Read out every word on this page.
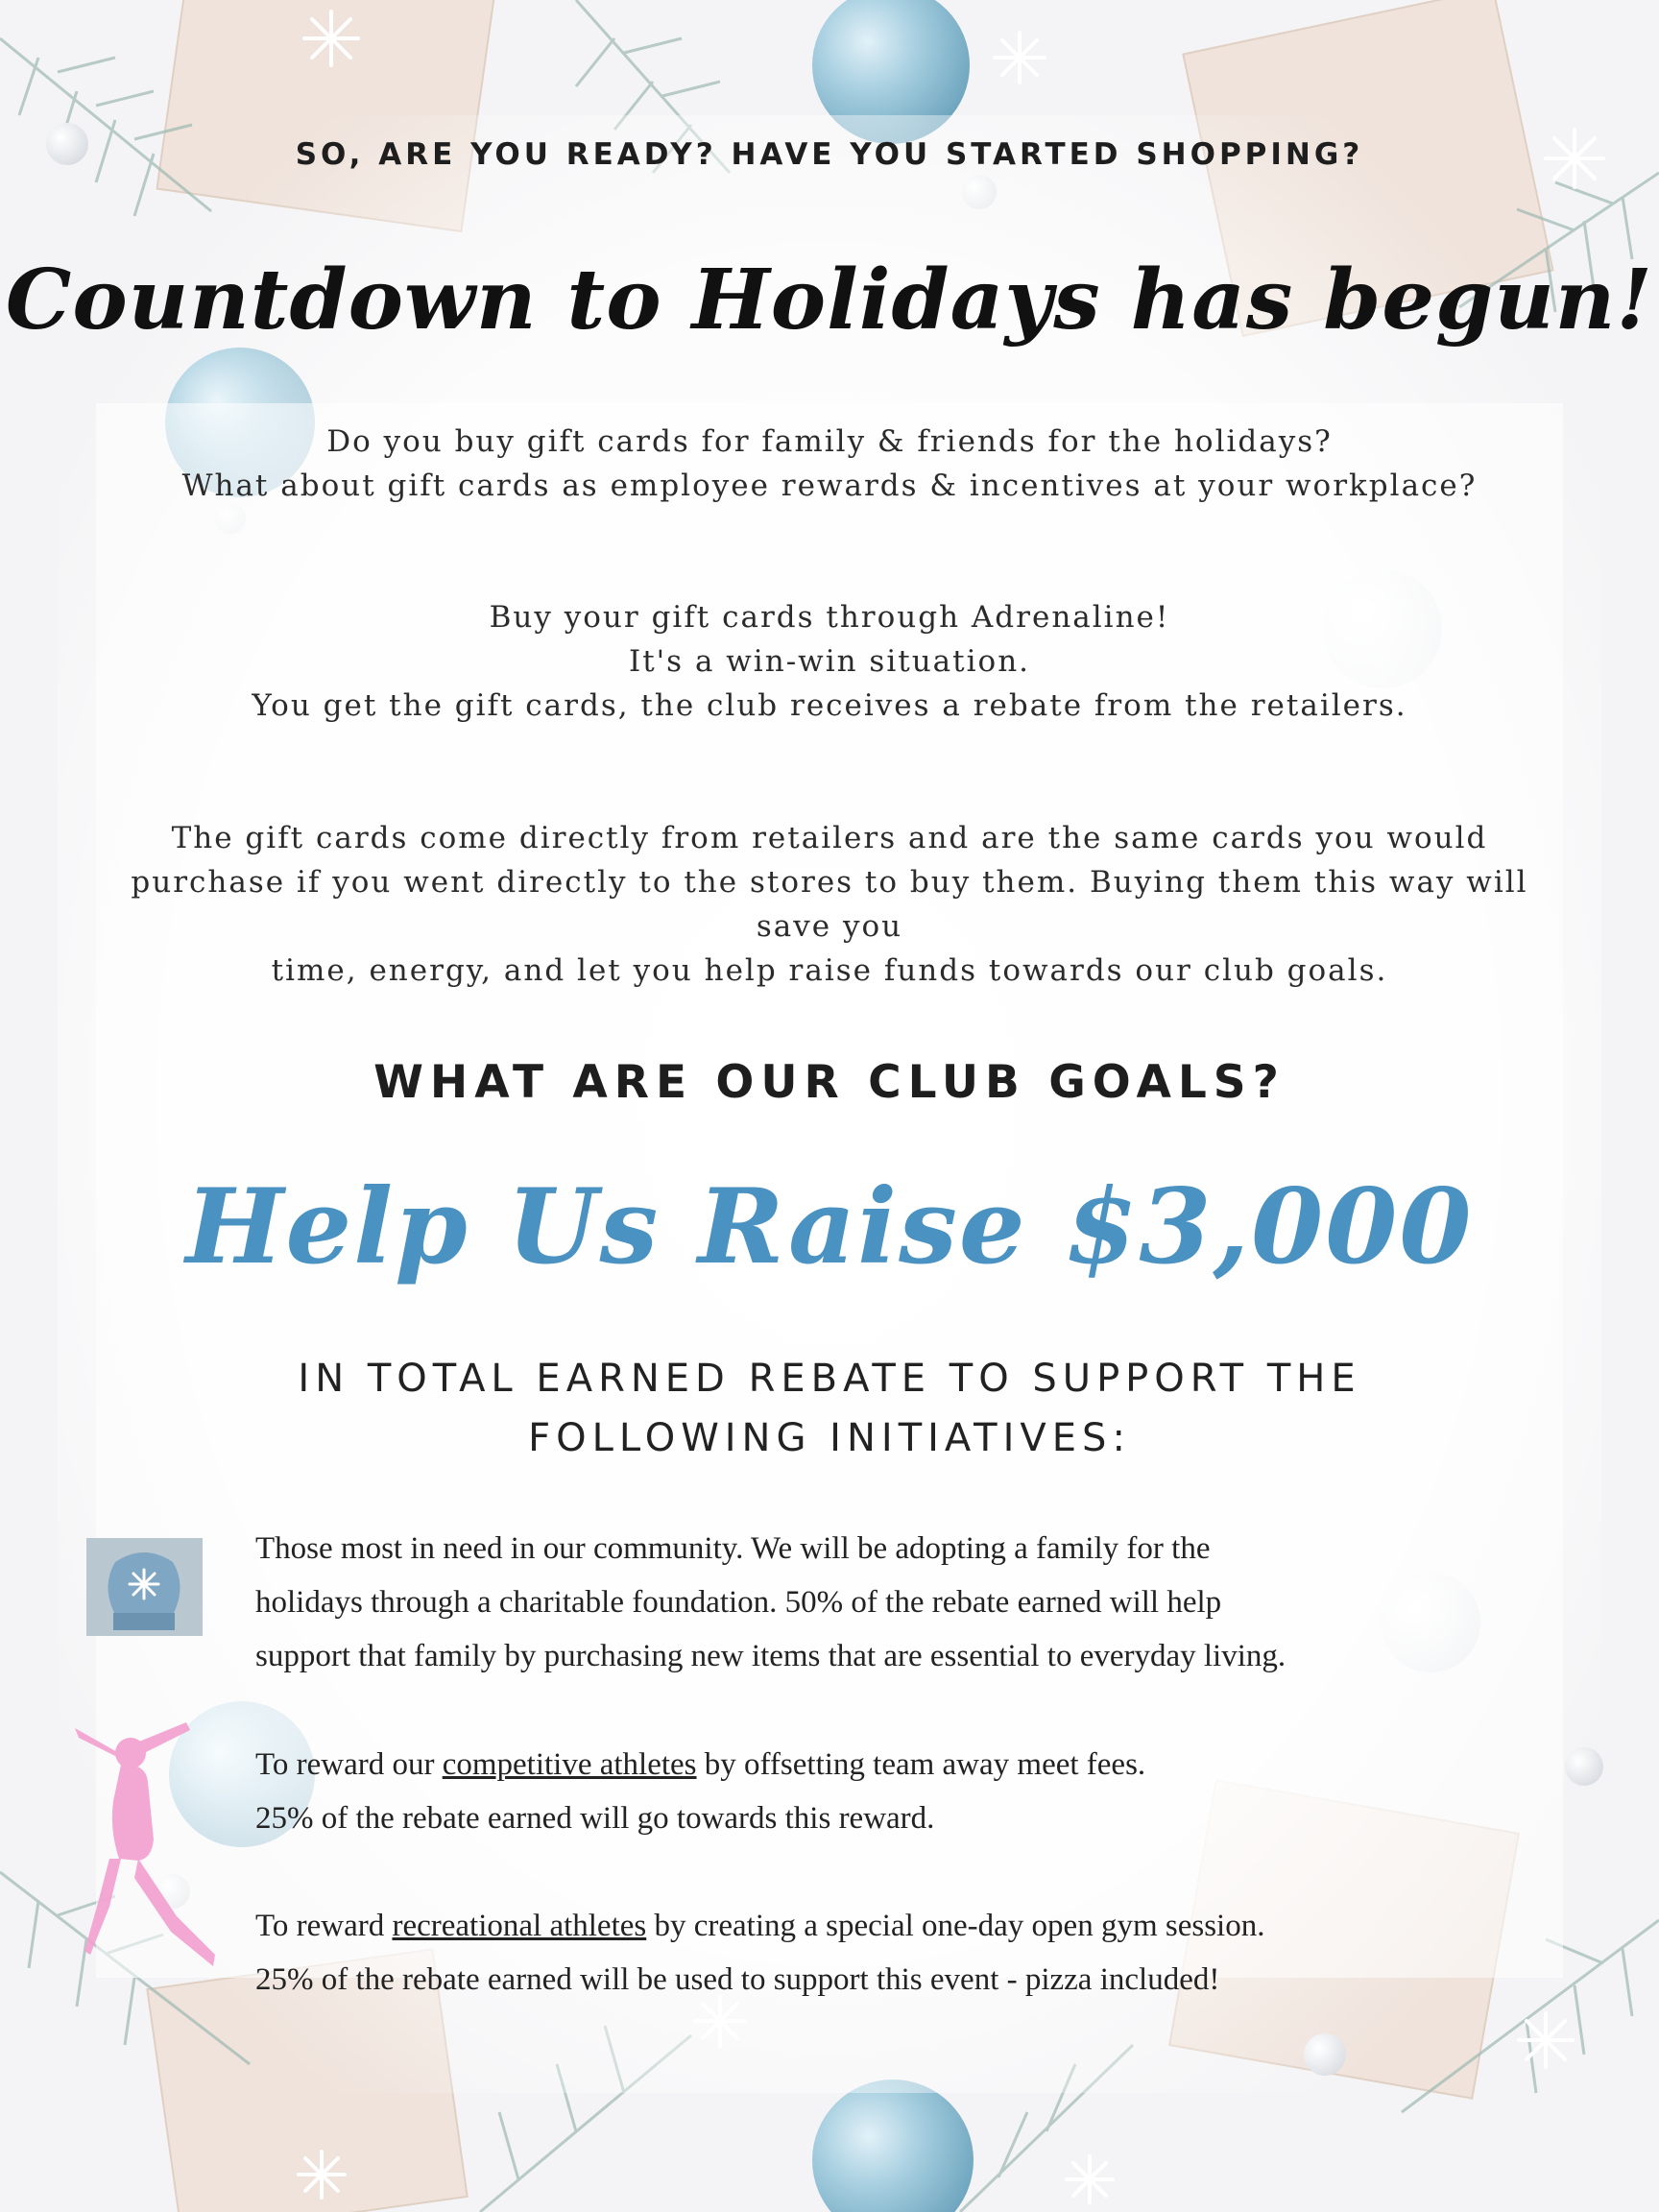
SO, ARE YOU READY? HAVE YOU STARTED SHOPPING?
Countdown to Holidays has begun!
Do you buy gift cards for family & friends for the holidays?
What about gift cards as employee rewards & incentives at your workplace?
Buy your gift cards through Adrenaline!
It's a win-win situation.
You get the gift cards, the club receives a rebate from the retailers.
The gift cards come directly from retailers and are the same cards you would
purchase if you went directly to the stores to buy them. Buying them this way will
save you
time, energy, and let you help raise funds towards our club goals.
WHAT ARE OUR CLUB GOALS?
Help Us Raise $3,000
IN TOTAL EARNED REBATE TO SUPPORT THE
FOLLOWING INITIATIVES:
Those most in need in our community. We will be adopting a family for the
holidays through a charitable foundation. 50% of the rebate earned will help
support that family by purchasing new items that are essential to everyday living.
To reward our competitive athletes by offsetting team away meet fees.
25% of the rebate earned will go towards this reward.
To reward recreational athletes by creating a special one-day open gym session.
25% of the rebate earned will be used to support this event - pizza included!
